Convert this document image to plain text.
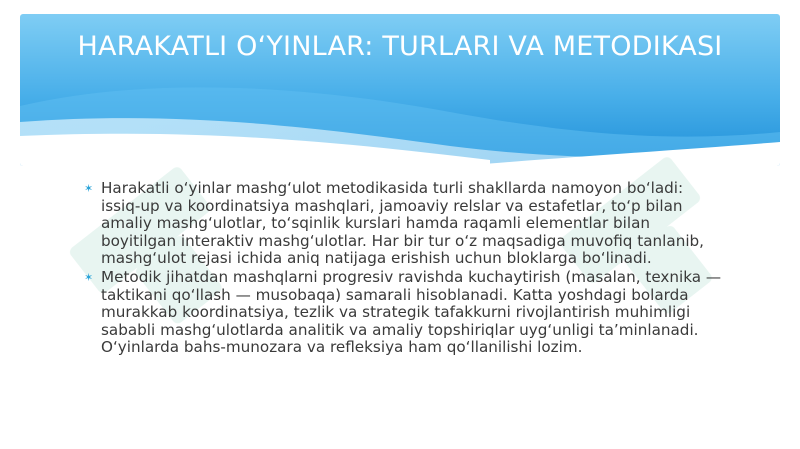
HARAKATLI O‘YINLAR: TURLARI VA METODIKASI
✶ Harakatli o‘yinlar mashg‘ulot metodikasida turli shakllarda namoyon bo‘ladi: issiq-up va koordinatsiya mashqlari, jamoaviy relslar va estafetlar, to‘p bilan amaliy mashg‘ulotlar, to‘sqinlik kurslari hamda raqamli elementlar bilan boyitilgan interaktiv mashg‘ulotlar. Har bir tur o‘z maqsadiga muvofiq tanlanib, mashg‘ulot rejasi ichida aniq natijaga erishish uchun bloklarga bo‘linadi.
✶ Metodik jihatdan mashqlarni progresiv ravishda kuchaytirish (masalan, texnika — taktikani qo‘llash — musobaqa) samarali hisoblanadi. Katta yoshdagi bolarda murakkab koordinatsiya, tezlik va strategik tafakkurni rivojlantirish muhimligi sababli mashg‘ulotlarda analitik va amaliy topshiriqlar uyg‘unligi ta’minlanadi. O‘yinlarda bahs-munozara va refleksiya ham qo‘llanilishi lozim.
